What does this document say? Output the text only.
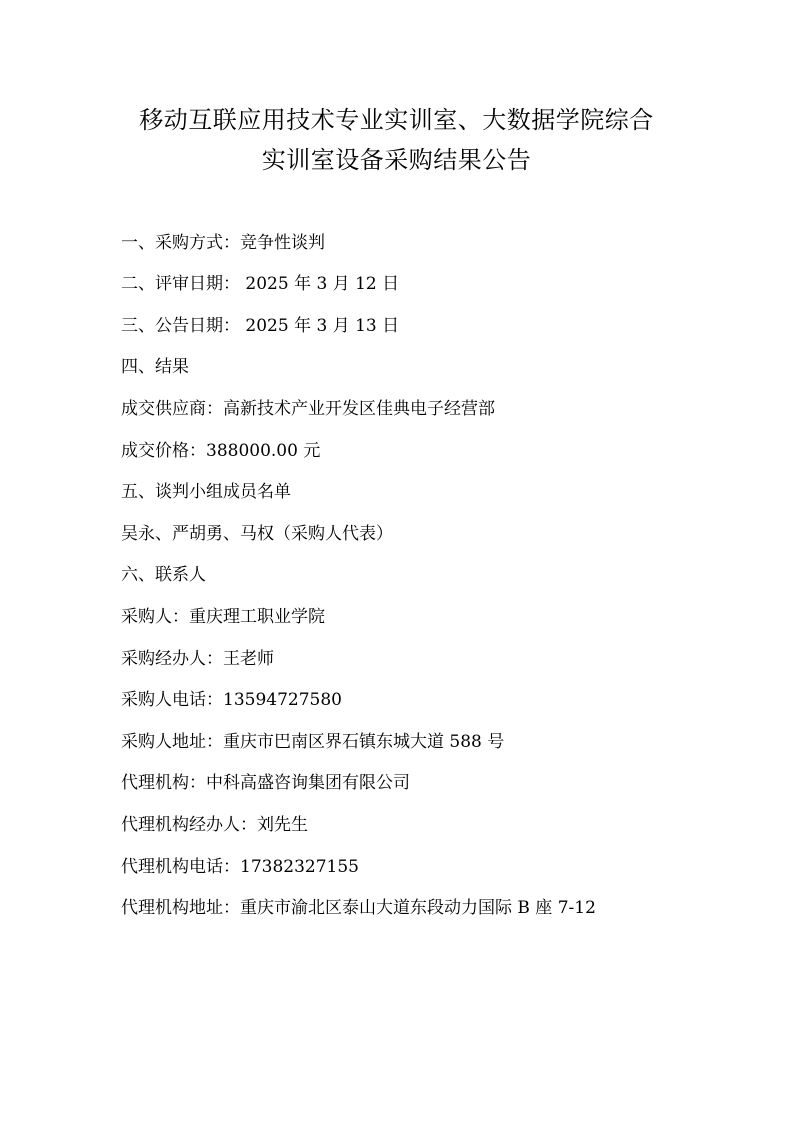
移动互联应用技术专业实训室、大数据学院综合
实训室设备采购结果公告
一、采购方式：竞争性谈判
二、评审日期： 2025 年 3 月 12 日
三、公告日期： 2025 年 3 月 13 日
四、结果
成交供应商：高新技术产业开发区佳典电子经营部
成交价格：388000.00 元
五、谈判小组成员名单
吴永、严胡勇、马权（采购人代表）
六、联系人
采购人：重庆理工职业学院
采购经办人：王老师
采购人电话：13594727580
采购人地址：重庆市巴南区界石镇东城大道 588 号
代理机构：中科高盛咨询集团有限公司
代理机构经办人：刘先生
代理机构电话：17382327155
代理机构地址：重庆市渝北区泰山大道东段动力国际 B 座 7-12
